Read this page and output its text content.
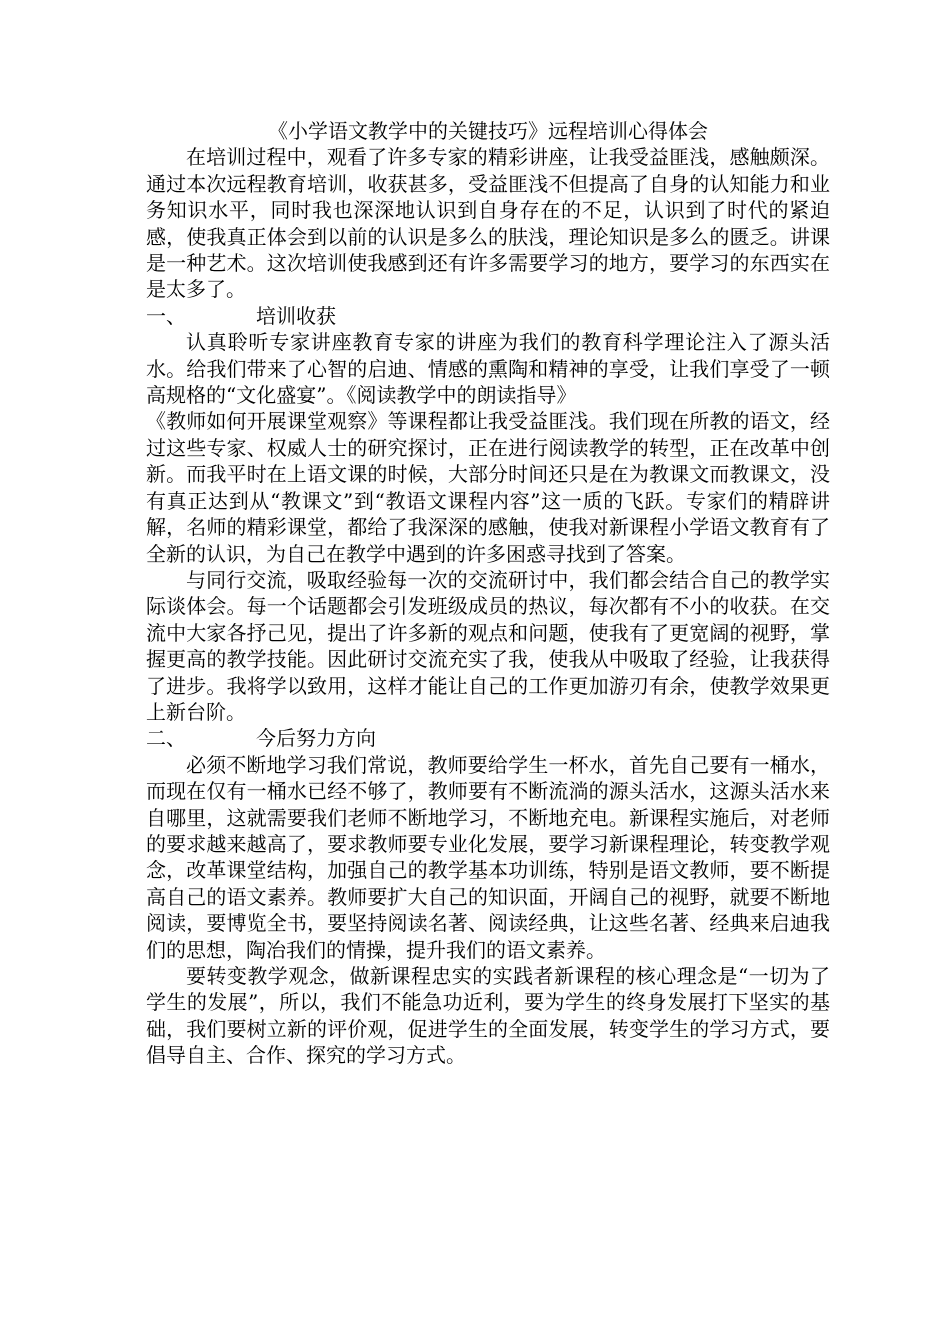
《小学语文教学中的关键技巧》远程培训心得体会

在培训过程中，观看了许多专家的精彩讲座，让我受益匪浅，感触颇深。通过本次远程教育培训，收获甚多，受益匪浅不但提高了自身的认知能力和业务知识水平，同时我也深深地认识到自身存在的不足，认识到了时代的紧迫感，使我真正体会到以前的认识是多么的肤浅，理论知识是多么的匮乏。讲课是一种艺术。这次培训使我感到还有许多需要学习的地方，要学习的东西实在是太多了。

一、	培训收获

认真聆听专家讲座教育专家的讲座为我们的教育科学理论注入了源头活水。给我们带来了心智的启迪、情感的熏陶和精神的享受，让我们享受了一顿高规格的“文化盛宴”。《阅读教学中的朗读指导》

《教师如何开展课堂观察》等课程都让我受益匪浅。我们现在所教的语文，经过这些专家、权威人士的研究探讨，正在进行阅读教学的转型，正在改革中创新。而我平时在上语文课的时候，大部分时间还只是在为教课文而教课文，没有真正达到从“教课文”到“教语文课程内容”这一质的飞跃。专家们的精辟讲解，名师的精彩课堂，都给了我深深的感触，使我对新课程小学语文教育有了全新的认识，为自己在教学中遇到的许多困惑寻找到了答案。

与同行交流，吸取经验每一次的交流研讨中，我们都会结合自己的教学实际谈体会。每一个话题都会引发班级成员的热议，每次都有不小的收获。在交流中大家各抒己见，提出了许多新的观点和问题，使我有了更宽阔的视野，掌握更高的教学技能。因此研讨交流充实了我，使我从中吸取了经验，让我获得了进步。我将学以致用，这样才能让自己的工作更加游刃有余，使教学效果更上新台阶。

二、	今后努力方向

必须不断地学习我们常说，教师要给学生一杯水，首先自己要有一桶水，而现在仅有一桶水已经不够了，教师要有不断流淌的源头活水，这源头活水来自哪里，这就需要我们老师不断地学习，不断地充电。新课程实施后，对老师的要求越来越高了，要求教师要专业化发展，要学习新课程理论，转变教学观念，改革课堂结构，加强自己的教学基本功训练，特别是语文教师，要不断提高自己的语文素养。教师要扩大自己的知识面，开阔自己的视野，就要不断地阅读，要博览全书，要坚持阅读名著、阅读经典，让这些名著、经典来启迪我们的思想，陶冶我们的情操，提升我们的语文素养。

要转变教学观念，做新课程忠实的实践者新课程的核心理念是“一切为了学生的发展”，所以，我们不能急功近利，要为学生的终身发展打下坚实的基础，我们要树立新的评价观，促进学生的全面发展，转变学生的学习方式，要倡导自主、合作、探究的学习方式。
